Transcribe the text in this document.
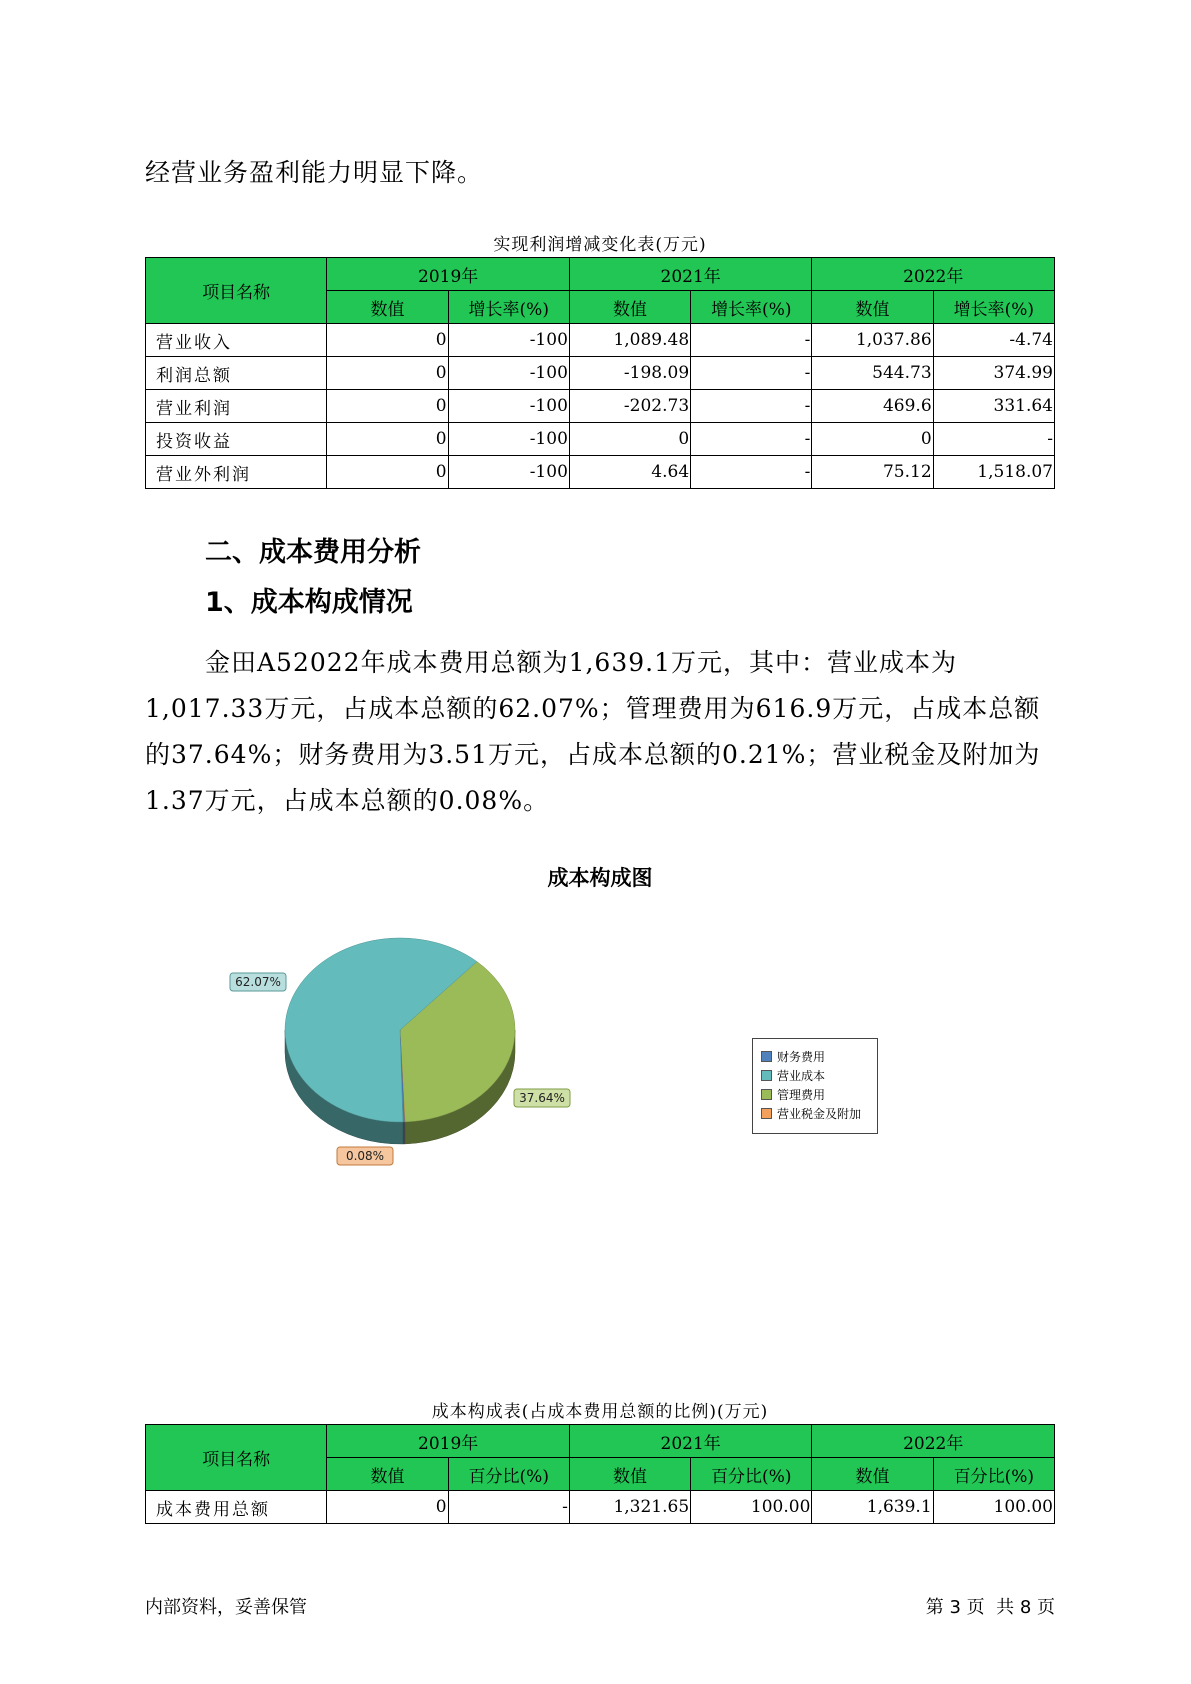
经营业务盈利能力明显下降。
实现利润增减变化表(万元)
项目名称	2019年		2021年		2022年	
	数值	增长率(%)	数值	增长率(%)	数值	增长率(%)
营业收入	0	-100	1,089.48	-	1,037.86	-4.74
利润总额	0	-100	-198.09	-	544.73	374.99
营业利润	0	-100	-202.73	-	469.6	331.64
投资收益	0	-100	0	-	0	-
营业外利润	0	-100	4.64	-	75.12	1,518.07
二、成本费用分析
1、成本构成情况
金田A52022年成本费用总额为1,639.1万元，其中：营业成本为
1,017.33万元，占成本总额的62.07%；管理费用为616.9万元，占成本总额
的37.64%；财务费用为3.51万元，占成本总额的0.21%；营业税金及附加为
1.37万元，占成本总额的0.08%。
成本构成图
62.07%
37.64%
0.08%
财务费用
营业成本
管理费用
营业税金及附加
成本构成表(占成本费用总额的比例)(万元)
项目名称	2019年		2021年		2022年	
	数值	百分比(%)	数值	百分比(%)	数值	百分比(%)
成本费用总额	0	-	1,321.65	100.00	1,639.1	100.00
内部资料，妥善保管	第 3 页  共 8 页
